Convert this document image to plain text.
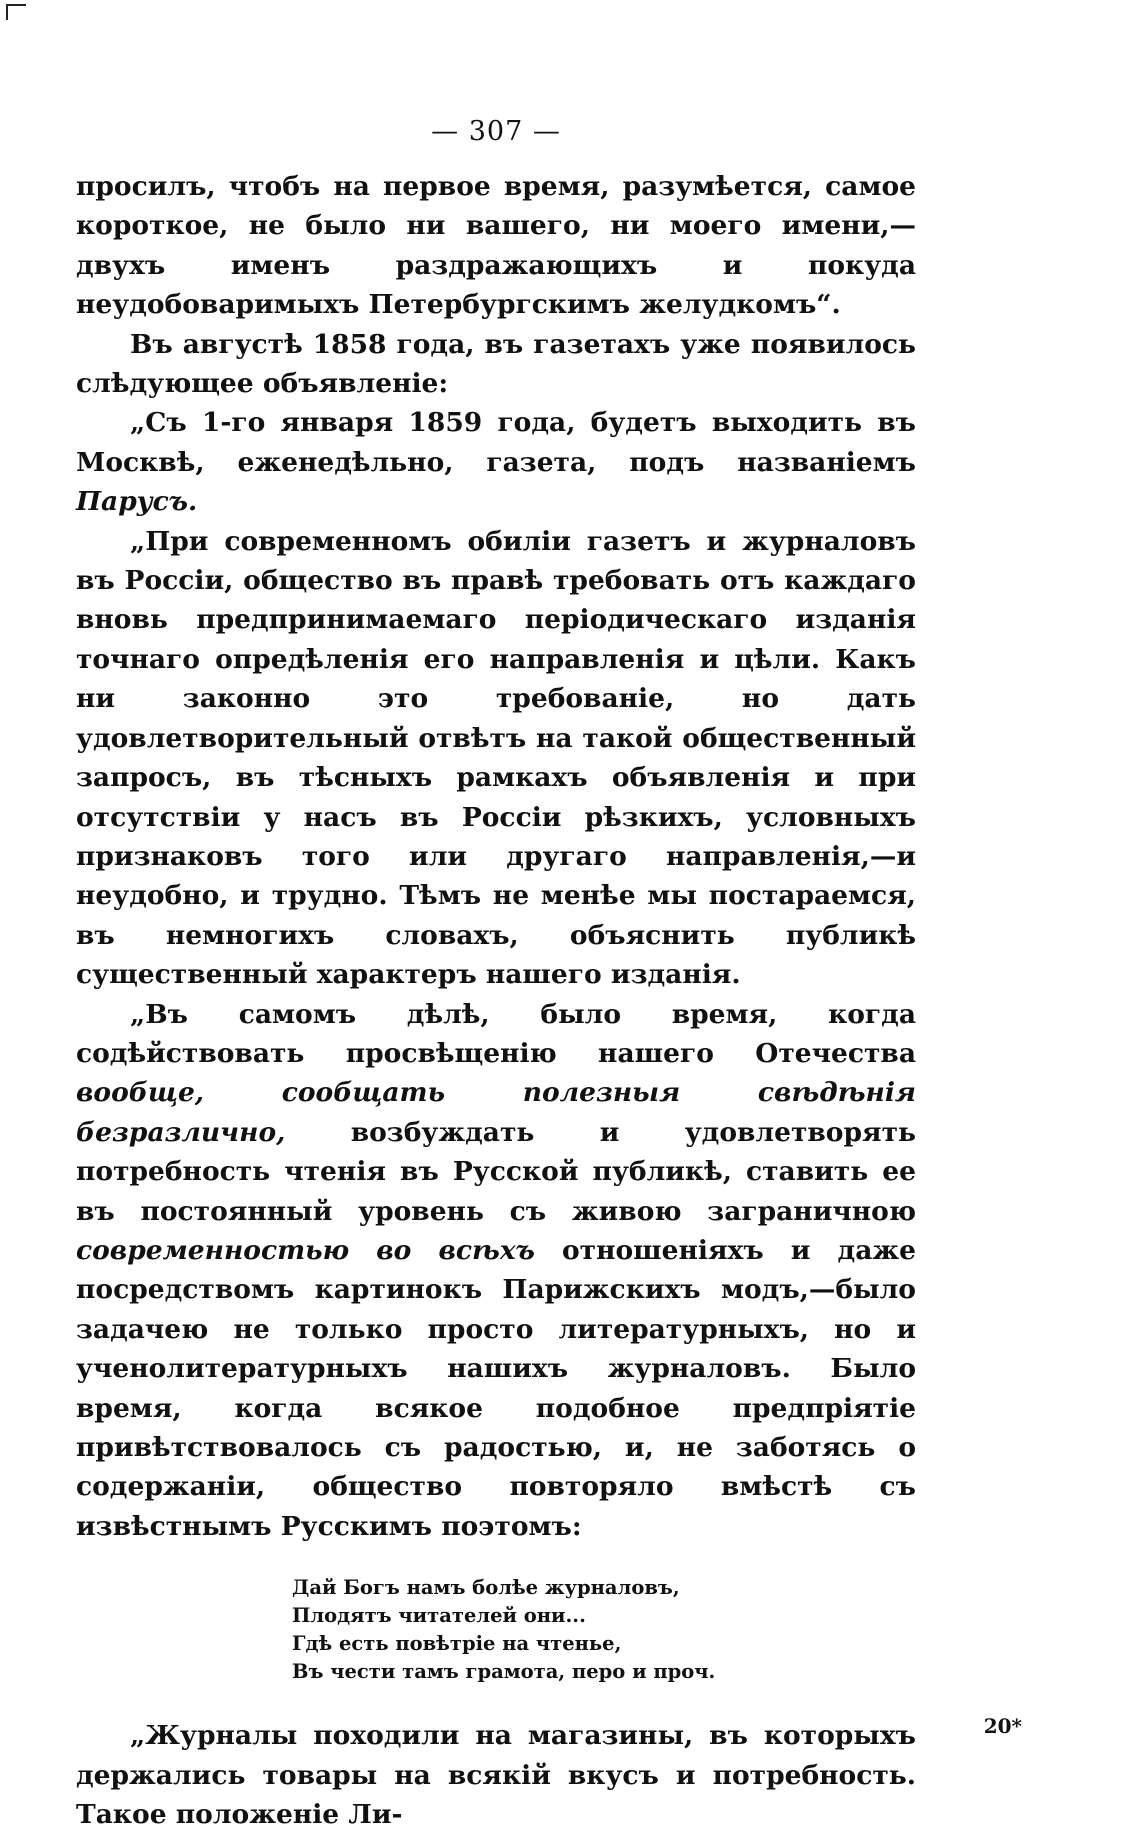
— 307 —

просилъ, чтобъ на первое время, разумѣется, самое короткое, не было ни вашего, ни моего имени,—двухъ именъ раздражающихъ и покуда неудобоваримыхъ Петербургскимъ желудкомъ“.

Въ августѣ 1858 года, въ газетахъ уже появилось слѣдующее объявленіе:

„Съ 1-го января 1859 года, будетъ выходить въ Москвѣ, еженедѣльно, газета, подъ названіемъ Парусъ.

„При современномъ обиліи газетъ и журналовъ въ Россіи, общество въ правѣ требовать отъ каждаго вновь предпринимаемаго періодическаго изданія точнаго опредѣленія его направленія и цѣли. Какъ ни законно это требованіе, но дать удовлетворительный отвѣтъ на такой общественный запросъ, въ тѣсныхъ рамкахъ объявленія и при отсутствіи у насъ въ Россіи рѣзкихъ, условныхъ признаковъ того или другаго направленія,—и неудобно, и трудно. Тѣмъ не менѣе мы постараемся, въ немногихъ словахъ, объяснить публикѣ существенный характеръ нашего изданія.

„Въ самомъ дѣлѣ, было время, когда содѣйствовать просвѣщенію нашего Отечества вообще, сообщать полезныя свѣдѣнія безразлично, возбуждать и удовлетворять потребность чтенія въ Русской публикѣ, ставить ее въ постоянный уровень съ живою заграничною современностью во всѣхъ отношеніяхъ и даже посредствомъ картинокъ Парижскихъ модъ,—было задачею не только просто литературныхъ, но и ученолитературныхъ нашихъ журналовъ. Было время, когда всякое подобное предпріятіе привѣтствовалось съ радостью, и, не заботясь о содержаніи, общество повторяло вмѣстѣ съ извѣстнымъ Русскимъ поэтомъ:

Дай Богъ намъ болѣе журналовъ,
Плодятъ читателей они...
Гдѣ есть повѣтріе на чтенье,
Въ чести тамъ грамота, перо и проч.

„Журналы походили на магазины, въ которыхъ держались товары на всякій вкусъ и потребность. Такое положеніе Ли-

20*
